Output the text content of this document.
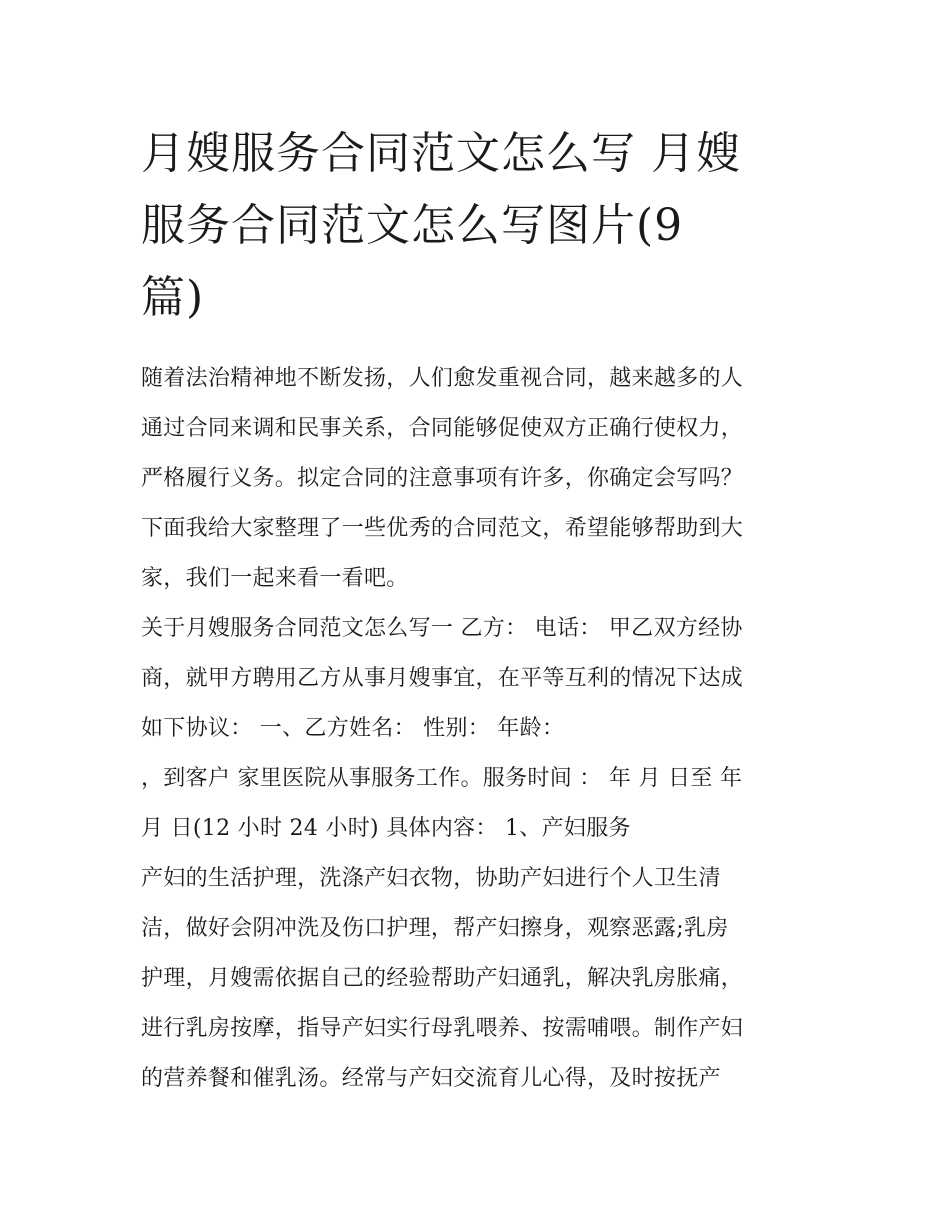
月嫂服务合同范文怎么写 月嫂
服务合同范文怎么写图片(9
篇)
随着法治精神地不断发扬，人们愈发重视合同，越来越多的人
通过合同来调和民事关系，合同能够促使双方正确行使权力，
严格履行义务。拟定合同的注意事项有许多，你确定会写吗？
下面我给大家整理了一些优秀的合同范文，希望能够帮助到大
家，我们一起来看一看吧。
关于月嫂服务合同范文怎么写一 乙方： 电话： 甲乙双方经协
商，就甲方聘用乙方从事月嫂事宜，在平等互利的情况下达成
如下协议： 一、乙方姓名： 性别： 年龄：
，到客户 家里医院从事服务工作。服务时间 ： 年 月 日至 年
月 日(12 小时 24 小时) 具体内容： 1、产妇服务
产妇的生活护理，洗涤产妇衣物，协助产妇进行个人卫生清
洁，做好会阴冲洗及伤口护理，帮产妇擦身，观察恶露;乳房
护理，月嫂需依据自己的经验帮助产妇通乳，解决乳房胀痛，
进行乳房按摩，指导产妇实行母乳喂养、按需哺喂。制作产妇
的营养餐和催乳汤。经常与产妇交流育儿心得，及时按抚产
